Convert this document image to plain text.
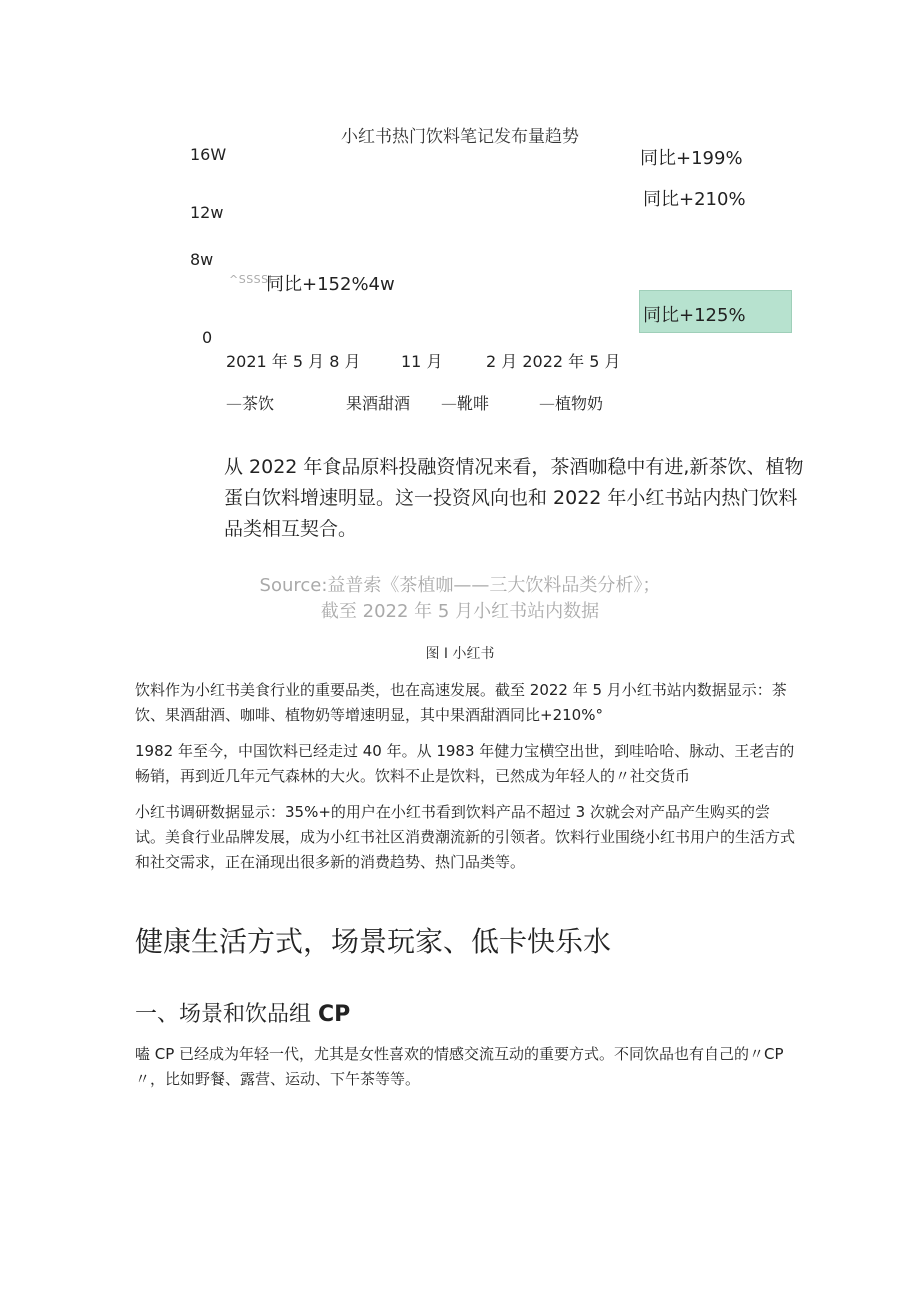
小红书热门饮料笔记发布量趋势
16W
12w
8w
0
^SSSSI
同比+152%4w
同比+199%
同比+210%
同比+125%
2021 年 5 月 8 月	11 月	2 月 2022 年 5 月
—茶饮	果酒甜酒 —靴啡	—植物奶
从 2022 年食品原料投融资情况来看，茶酒咖稳中有进,新茶饮、植物蛋白饮料增速明显。这一投资风向也和 2022 年小红书站内热门饮料品类相互契合。
Source:益普索《茶植咖——三大饮料品类分析》；
截至 2022 年 5 月小红书站内数据
图 I 小红书
饮料作为小红书美食行业的重要品类，也在高速发展。截至 2022 年 5 月小红书站内数据显示：茶饮、果酒甜酒、咖啡、植物奶等增速明显，其中果酒甜酒同比+210%°
1982 年至今，中国饮料已经走过 40 年。从 1983 年健力宝横空出世，到哇哈哈、脉动、王老吉的畅销，再到近几年元气森林的大火。饮料不止是饮料，已然成为年轻人的〃社交货币
小红书调研数据显示：35%+的用户在小红书看到饮料产品不超过 3 次就会对产品产生购买的尝试。美食行业品牌发展，成为小红书社区消费潮流新的引领者。饮料行业围绕小红书用户的生活方式和社交需求，正在涌现出很多新的消费趋势、热门品类等。
健康生活方式，场景玩家、低卡快乐水
一、场景和饮品组 CP
嗑 CP 已经成为年轻一代，尤其是女性喜欢的情感交流互动的重要方式。不同饮品也有自己的〃CP〃，比如野餐、露营、运动、下午茶等等。
